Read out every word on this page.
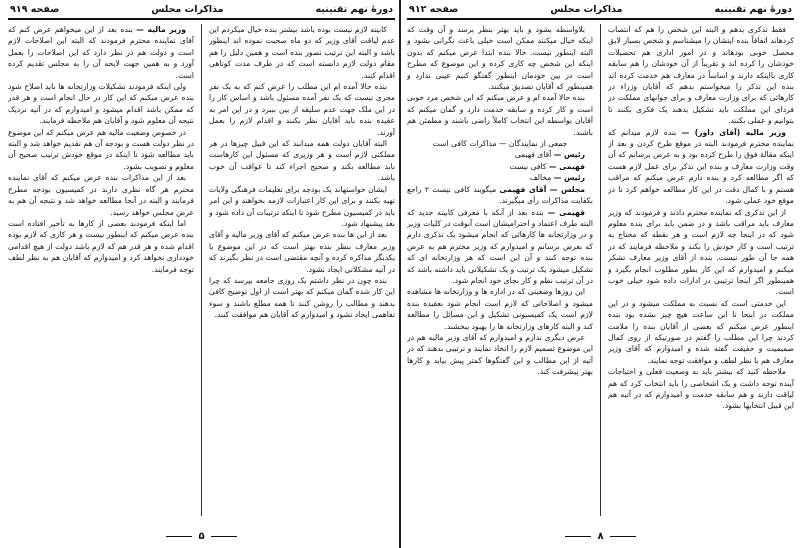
دورهٔ نهم تقنینیه
مذاکرات مجلس
صفحه ۹۱۹

کابینه لازم نیست بوده باشد بیشتر بنده خیال میکردم این عدم لیاقت آقای وزیر که دو ماه صحبت نموده اند اینطور باشد و البته این ترتیب تصور بنده است و همین دلیل را هم مقام دولت لازم دانسته است که در ظرف مدت کوتاهی اقدام کنند.

بنده حالا آمده ام این مطلب را عرض کنم که به یک نفر مجری نیست که یک نفر آمده مسئول باشد و اساس کار را در این ملک جهت عدم سلیقه از بین بببرد و در این امر به عقیده بنده باید آقایان نظر بکنند و اقدام لازم را بعمل آورند.

البته آقایان دولت همه میدانند که این قبیل چیزها در هر مملکتی لازم است و هر وزیری که مسئول این کارهاست باید مطالعه بکند و صحیح اجراء کند تا عواقب آن خوب باشد.

ایشان خواستهاند یک بودجه برای تعلیمات فرهنگی ولایات تهیه بکنند و برای این کار اعتبارات لازمه بخواهند و این امر باید در کمیسیون مطرح شود تا اینکه ترتیبات آن داده شود و بعد پیشنهاد شود.

بعد از این ها بنده عرض میکنم که آقای وزیر مالیه و آقای وزیر معارف بنظر بنده بهتر است که در این موضوع با یکدیگر مذاکره کرده و آنچه مقتضی است در نظر بگیرند که در آتیه مشکلاتی ایجاد نشود.

بنده چون در نظر داشتم یک روزی جامعه بپرسد که چرا این کار شده گمان میکنم که بهتر است از اول توضیح کافی بدهند و مطالب را روشن کنند تا همه مطلع باشند و سوء تفاهمی ایجاد نشود و امیدوارم که آقایان هم موافقت کنند.

وزیر مالیه — بنده بعد از این میخواهم عرض کنم که آقای نماینده محترم فرمودند که البته این اصلاحات لازم است و دولت هم در نظر دارد که این اصلاحات را بعمل آورد و به همین جهت لایحه آن را به مجلس تقدیم کرده است.

ولی اینکه فرمودند تشکیلات وزارتخانه ها باید اصلاح شود بنده عرض میکنم که این کار در حال انجام است و هر قدر که ممکن باشد اقدام میشود و امیدوارم که در آتیه نزدیک نتیجه آن معلوم شود و آقایان هم ملاحظه فرمایند.

در خصوص وضعیت مالیه هم عرض میکنم که این موضوع در نظر دولت هست و بودجه آن هم تقدیم خواهد شد و البته باید مطالعه شود تا اینکه در موقع خودش ترتیب صحیح آن معلوم و تصویب بشود.

بعد از این مذاکرات بنده عرض میکنم که آقای نماینده محترم هر گاه نظری دارند در کمیسیون بودجه مطرح فرمایند و البته در آنجا مطالعه خواهد شد و نتیجه آن هم به عرض مجلس خواهد رسید.

اما اینکه فرمودند بعضی از کارها به تأخیر افتاده است بنده عرض میکنم که اینطور نیست و هر کاری که لازم بوده اقدام شده و هر قدر هم که لازم باشد دولت از هیچ اقدامی خودداری نخواهد کرد و امیدوارم که آقایان هم به نظر لطف توجه فرمایند.

۵
دورهٔ نهم تقنینیه
مذاکرات مجلس
صفحه ۹۱۲

فقط تذکری بدهم و البته این شخص را هم که انتصاب کردهاند اتفاقاً بنده اینشان را میشناسم و شخص بسیار لایق محصل خوبی بودهاند و در امور اداری هم تحصیلات خودشان را کرده اند و تقریباً از آن خودشان را هم سابقه کاری بااینکه دارند و اساساً در معارف هم خدمت کرده اند بنده این تذکر را میخواستم بدهم که آقایان وزراء در کارهائی که برای وزارت معارف و برای جوانهای مملکت در فردای این مملکت باید تشکیل بدهند یک فکری بکنند تا بتوانیم و عملی بکنند.

وزیر مالیه (آقای داور) — بنده لازم میدانم که نماینده محترم فرمودند البته در موقع طرح کردن و بعد از اینکه مقالۀ فوق را طرح کرده بود و به عرض برسانم که آن وقت وزارت معارف و بنده این تذکر برای عمل لازم هست که اگر مطالعه کرد و بنده دارم عرض میکنم که مراقب هستم و با کمال دقت در این کار مطالعه خواهم کرد تا در موقع خود عملی شود.

از این تذکری که نماینده محترم دادند و فرمودند که وزیر معارف باید مراقب باشد و در ضمن باید برای بنده معلوم شود که در اینجا چه لازم است و هر نقطه که محتاج به ترتیب است و کار خودش را بکند و ملاحظه فرمایند که در همه جا آن طور نیست. بنده از آقای وزیر معارف تشکر میکنم و امیدوارم که این کار بطور مطلوب انجام بگیرد و همینطور اگر اینجا ترتیبی در ادارات داده شود خیلی خوب است.

این خدمتی است که نسبت به مملکت میشود و در این مملکت در اینجا تا این ساعت هیچ چیز نشده بود بنده اینطور عرض میکنم که بعضی از آقایان بنده را ملامت کردند چرا این مطلب را گفتم در صورتیکه از روی کمال صمیمیت و حقیقت گفته شده و امیدوارم که آقای وزیر معارف هم با نظر لطف و موافقت توجه نمایند.

ملاحظه کنید که بیشتر باید به وضعیت فعلی و احتیاجات آینده توجه داشت و یک اشخاصی را باید انتخاب کرد که هم لیاقت دارند و هم سابقه خدمت و امیدوارم که در آتیه هم این قبیل انتخابها بشود.

بلاواسطه بشود و باید بهتر بنظر برسد و آن وقت که اینکه خیال میکنند ممکن است خیلی باعث نگرانی بشود و البته اینطور نیست. حالا بنده ابتدا عرض میکنم که بدون اینکه این شخص چه کاری کرده و این موضوع که مطرح است در بین خودمان اینطور گفتگو کنیم عیبی ندارد و همینطور که آقایان تصدیق میکنند.

بنده حالا آمده ام و عرض میکنم که این شخص مرد خوبی است و کار کرده و سابقه خدمت دارد و گمان میکنم که آقایان بواسطه این انتخاب کاملاً راضی باشند و مطمئن هم باشند.

جمعی از نمایندگان — مذاکرات کافی است

رئیس — آقای فهیمی

فهیمی — کافی نیست

رئیس — مخالف

مجلس — آقای فهیمی میگویند کافی نیست ۲ راجع بکفایت مذاکرات رأی میگیرند.

فهیمی — بنده بعد از آنکه با معرفی کابینه جدید که البته طرف اعتماد و احترامیشان است آنوقت در کلیات وزیر و در وزارتخانه ها کارهائی که انجام میشود یک تذکری دارم که بعرض برسانم و امیدوارم که وزیر محترم هم به عرض بنده توجه کنند و آن این است که هر وزارتخانه ای که تشکیل میشود یک ترتیب و یک تشکیلاتی باید داشته باشد که در آن ترتیب نظم و کار بجای خود انجام شود.

این روزها وضعیتی که در اداره ها و وزارتخانه ها مشاهده میشود و اصلاحاتی که لازم است انجام شود بعقیده بنده لازم است یک کمیسیونی تشکیل و این مسائل را مطالعه کند و البته کارهای وزارتخانه ها را بهبود ببخشند.

عرض دیگری ندارم و امیدوارم که آقای وزیر مالیه هم در این موضوع تصمیم لازم را اتخاذ نمایند و ترتیبی بدهند که در آتیه از این مطالب و این گفتگوها کمتر پیش بیاید و کارها بهتر پیشرفت کند.

۸
